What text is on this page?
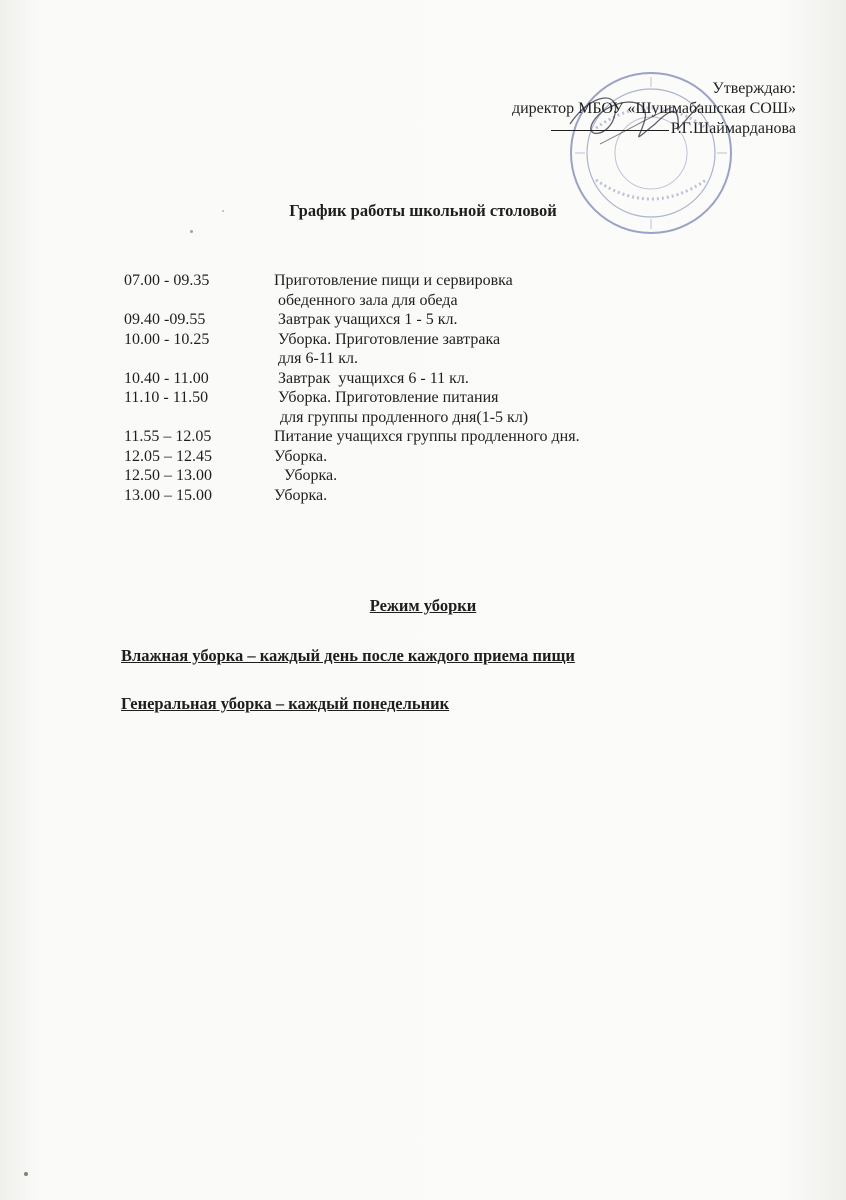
Утверждаю:
директор МБОУ «Шушмабашская СОШ»
Р.Г.Шаймарданова
График работы школьной столовой
07.00 - 09.35	Приготовление пищи и сервировка
обеденного зала для обеда
09.40 -09.55	Завтрак учащихся 1 - 5 кл.
10.00 - 10.25	Уборка. Приготовление завтрака
для 6-11 кл.
10.40 - 11.00	Завтрак  учащихся 6 - 11 кл.
11.10 - 11.50	Уборка. Приготовление питания
для группы продленного дня(1-5 кл)
11.55 – 12.05	Питание учащихся группы продленного дня.
12.05 – 12.45	Уборка.
12.50 – 13.00	Уборка.
13.00 – 15.00	Уборка.
Режим уборки
Влажная уборка – каждый день после каждого приема пищи
Генеральная уборка – каждый понедельник
